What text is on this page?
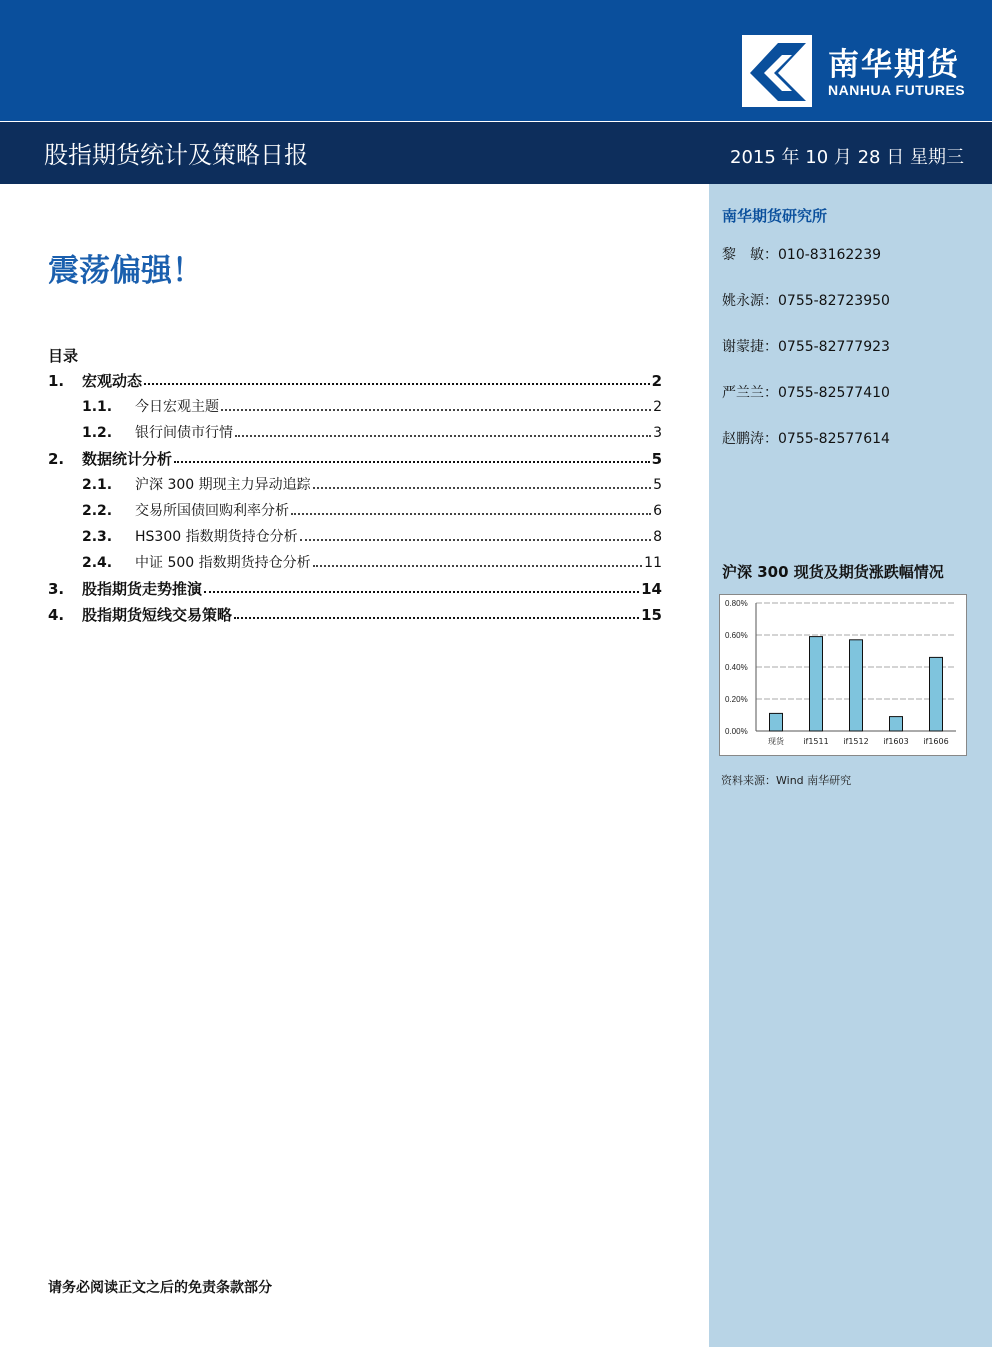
南华期货
NANHUA FUTURES
股指期货统计及策略日报	2015 年 10 月 28 日 星期三
南华期货研究所
黎　敏：010-83162239
姚永源：0755-82723950
谢蒙捷：0755-82777923
严兰兰：0755-82577410
赵鹏涛：0755-82577614
震荡偏强！
目录
1.	宏观动态	2
1.1.	今日宏观主题	2
1.2.	银行间债市行情	3
2.	数据统计分析	5
2.1.	沪深 300 期现主力异动追踪	5
2.2.	交易所国债回购利率分析	6
2.3.	HS300 指数期货持仓分析	8
2.4.	中证 500 指数期货持仓分析	11
3.	股指期货走势推演	14
4.	股指期货短线交易策略	15
沪深 300 现货及期货涨跌幅情况
0.00%
0.20%
0.40%
0.60%
0.80%
现货 if1511 if1512 if1603 if1606
资料来源：Wind 南华研究
请务必阅读正文之后的免责条款部分
